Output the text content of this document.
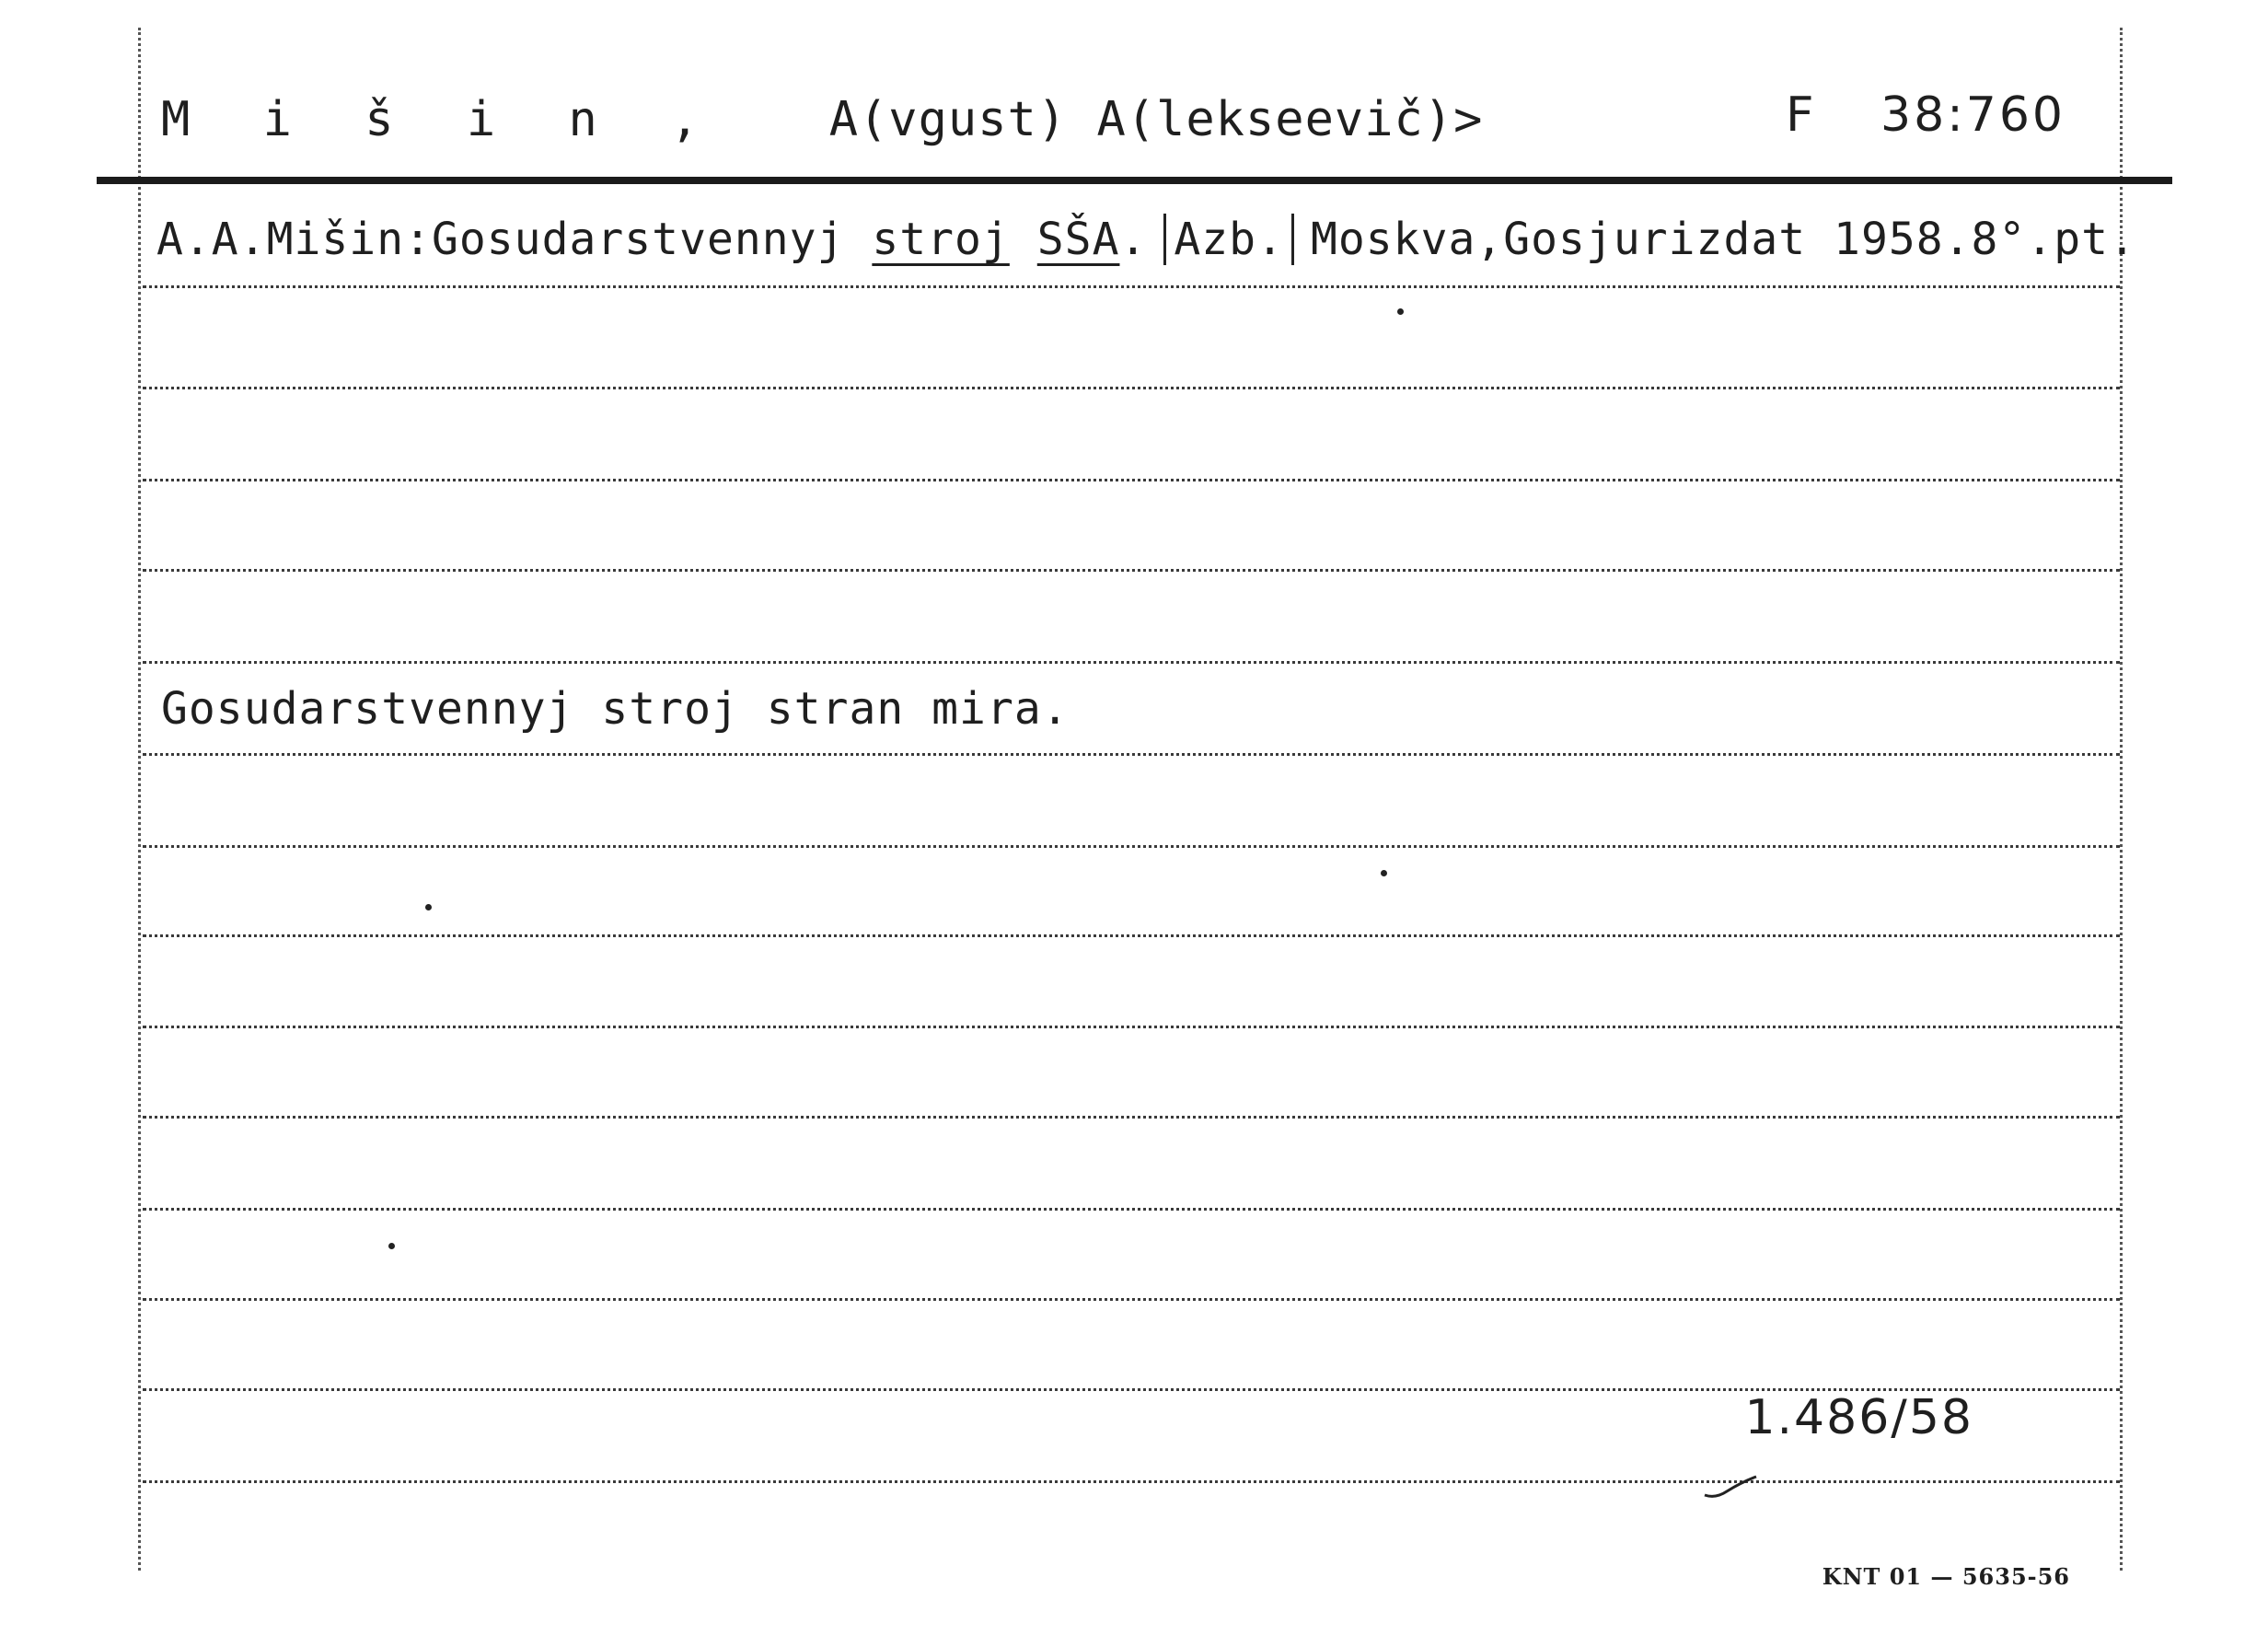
M i š i n , A(vgust) A(lekseevič)>	F 38:760
A.A.Mišin:Gosudarstvennyj stroj SŠA. Azb. Moskva,Gosjurizdat 1958.8°.pt.
Gosudarstvennyj stroj stran mira.
1.486/58
KNT 01 — 5635-56
